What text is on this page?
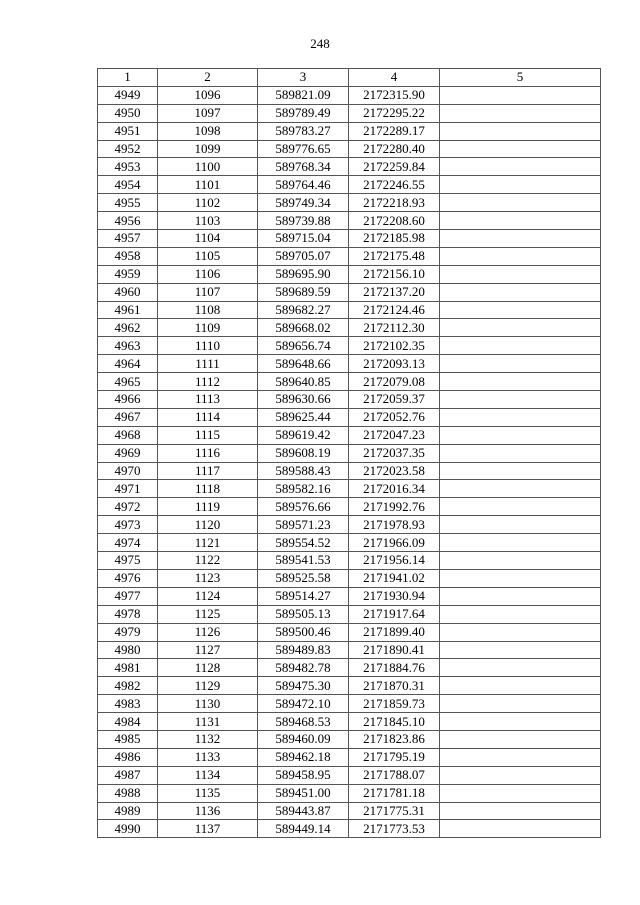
248
1	2	3	4	5
4949	1096	589821.09	2172315.90	
4950	1097	589789.49	2172295.22	
4951	1098	589783.27	2172289.17	
4952	1099	589776.65	2172280.40	
4953	1100	589768.34	2172259.84	
4954	1101	589764.46	2172246.55	
4955	1102	589749.34	2172218.93	
4956	1103	589739.88	2172208.60	
4957	1104	589715.04	2172185.98	
4958	1105	589705.07	2172175.48	
4959	1106	589695.90	2172156.10	
4960	1107	589689.59	2172137.20	
4961	1108	589682.27	2172124.46	
4962	1109	589668.02	2172112.30	
4963	1110	589656.74	2172102.35	
4964	1111	589648.66	2172093.13	
4965	1112	589640.85	2172079.08	
4966	1113	589630.66	2172059.37	
4967	1114	589625.44	2172052.76	
4968	1115	589619.42	2172047.23	
4969	1116	589608.19	2172037.35	
4970	1117	589588.43	2172023.58	
4971	1118	589582.16	2172016.34	
4972	1119	589576.66	2171992.76	
4973	1120	589571.23	2171978.93	
4974	1121	589554.52	2171966.09	
4975	1122	589541.53	2171956.14	
4976	1123	589525.58	2171941.02	
4977	1124	589514.27	2171930.94	
4978	1125	589505.13	2171917.64	
4979	1126	589500.46	2171899.40	
4980	1127	589489.83	2171890.41	
4981	1128	589482.78	2171884.76	
4982	1129	589475.30	2171870.31	
4983	1130	589472.10	2171859.73	
4984	1131	589468.53	2171845.10	
4985	1132	589460.09	2171823.86	
4986	1133	589462.18	2171795.19	
4987	1134	589458.95	2171788.07	
4988	1135	589451.00	2171781.18	
4989	1136	589443.87	2171775.31	
4990	1137	589449.14	2171773.53	
